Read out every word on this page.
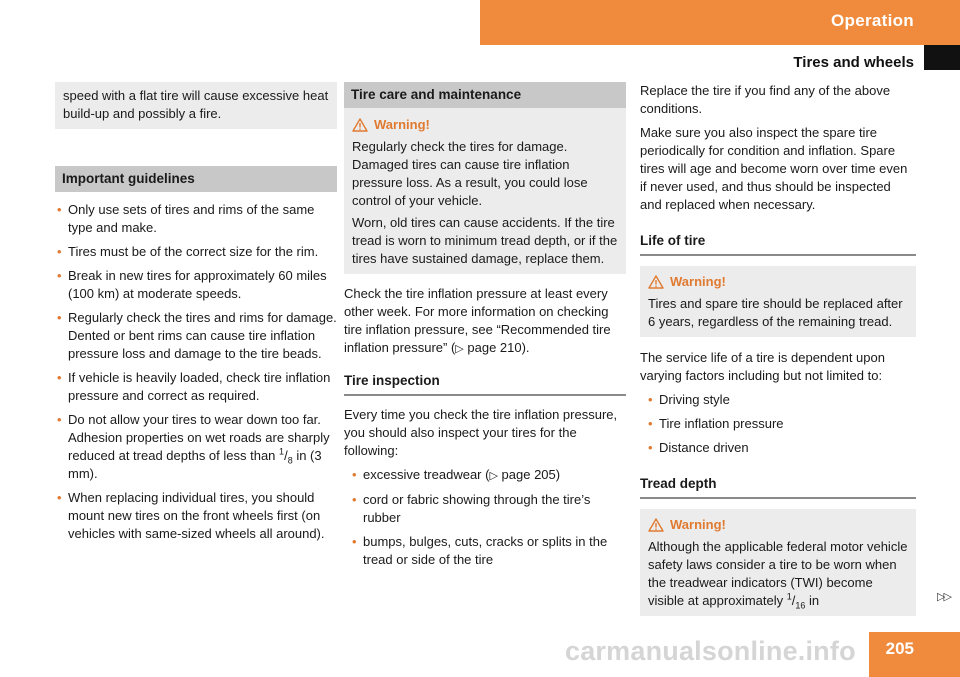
Operation
Tires and wheels

speed with a flat tire will cause excessive heat build-up and possibly a fire.

Important guidelines
• Only use sets of tires and rims of the same type and make.
• Tires must be of the correct size for the rim.
• Break in new tires for approximately 60 miles (100 km) at moderate speeds.
• Regularly check the tires and rims for damage. Dented or bent rims can cause tire inflation pressure loss and damage to the tire beads.
• If vehicle is heavily loaded, check tire inflation pressure and correct as required.
• Do not allow your tires to wear down too far. Adhesion properties on wet roads are sharply reduced at tread depths of less than $^1/_8$ in (3 mm).
• When replacing individual tires, you should mount new tires on the front wheels first (on vehicles with same-sized wheels all around).
Tire care and maintenance
Warning!

Regularly check the tires for damage. Damaged tires can cause tire inflation pressure loss. As a result, you could lose control of your vehicle.

Worn, old tires can cause accidents. If the tire tread is worn to minimum tread depth, or if the tires have sustained damage, replace them.

Check the tire inflation pressure at least every other week. For more information on checking tire inflation pressure, see “Recommended tire inflation pressure” (▷ page 210).

Tire inspection

Every time you check the tire inflation pressure, you should also inspect your tires for the following:

• excessive treadwear (▷ page 205)
• cord or fabric showing through the tire’s rubber
• bumps, bulges, cuts, cracks or splits in the tread or side of the tire

Replace the tire if you find any of the above conditions.

Make sure you also inspect the spare tire periodically for condition and inflation. Spare tires will age and become worn over time even if never used, and thus should be inspected and replaced when necessary.

Life of tire
Warning!

Tires and spare tire should be replaced after 6 years, regardless of the remaining tread.

The service life of a tire is dependent upon varying factors including but not limited to:

• Driving style
• Tire inflation pressure
• Distance driven
Tread depth
Warning!

Although the applicable federal motor vehicle safety laws consider a tire to be worn when the treadwear indicators (TWI) become visible at approximately $^1/_{16}$ in	▷▷
carmanualsonline.info 205
